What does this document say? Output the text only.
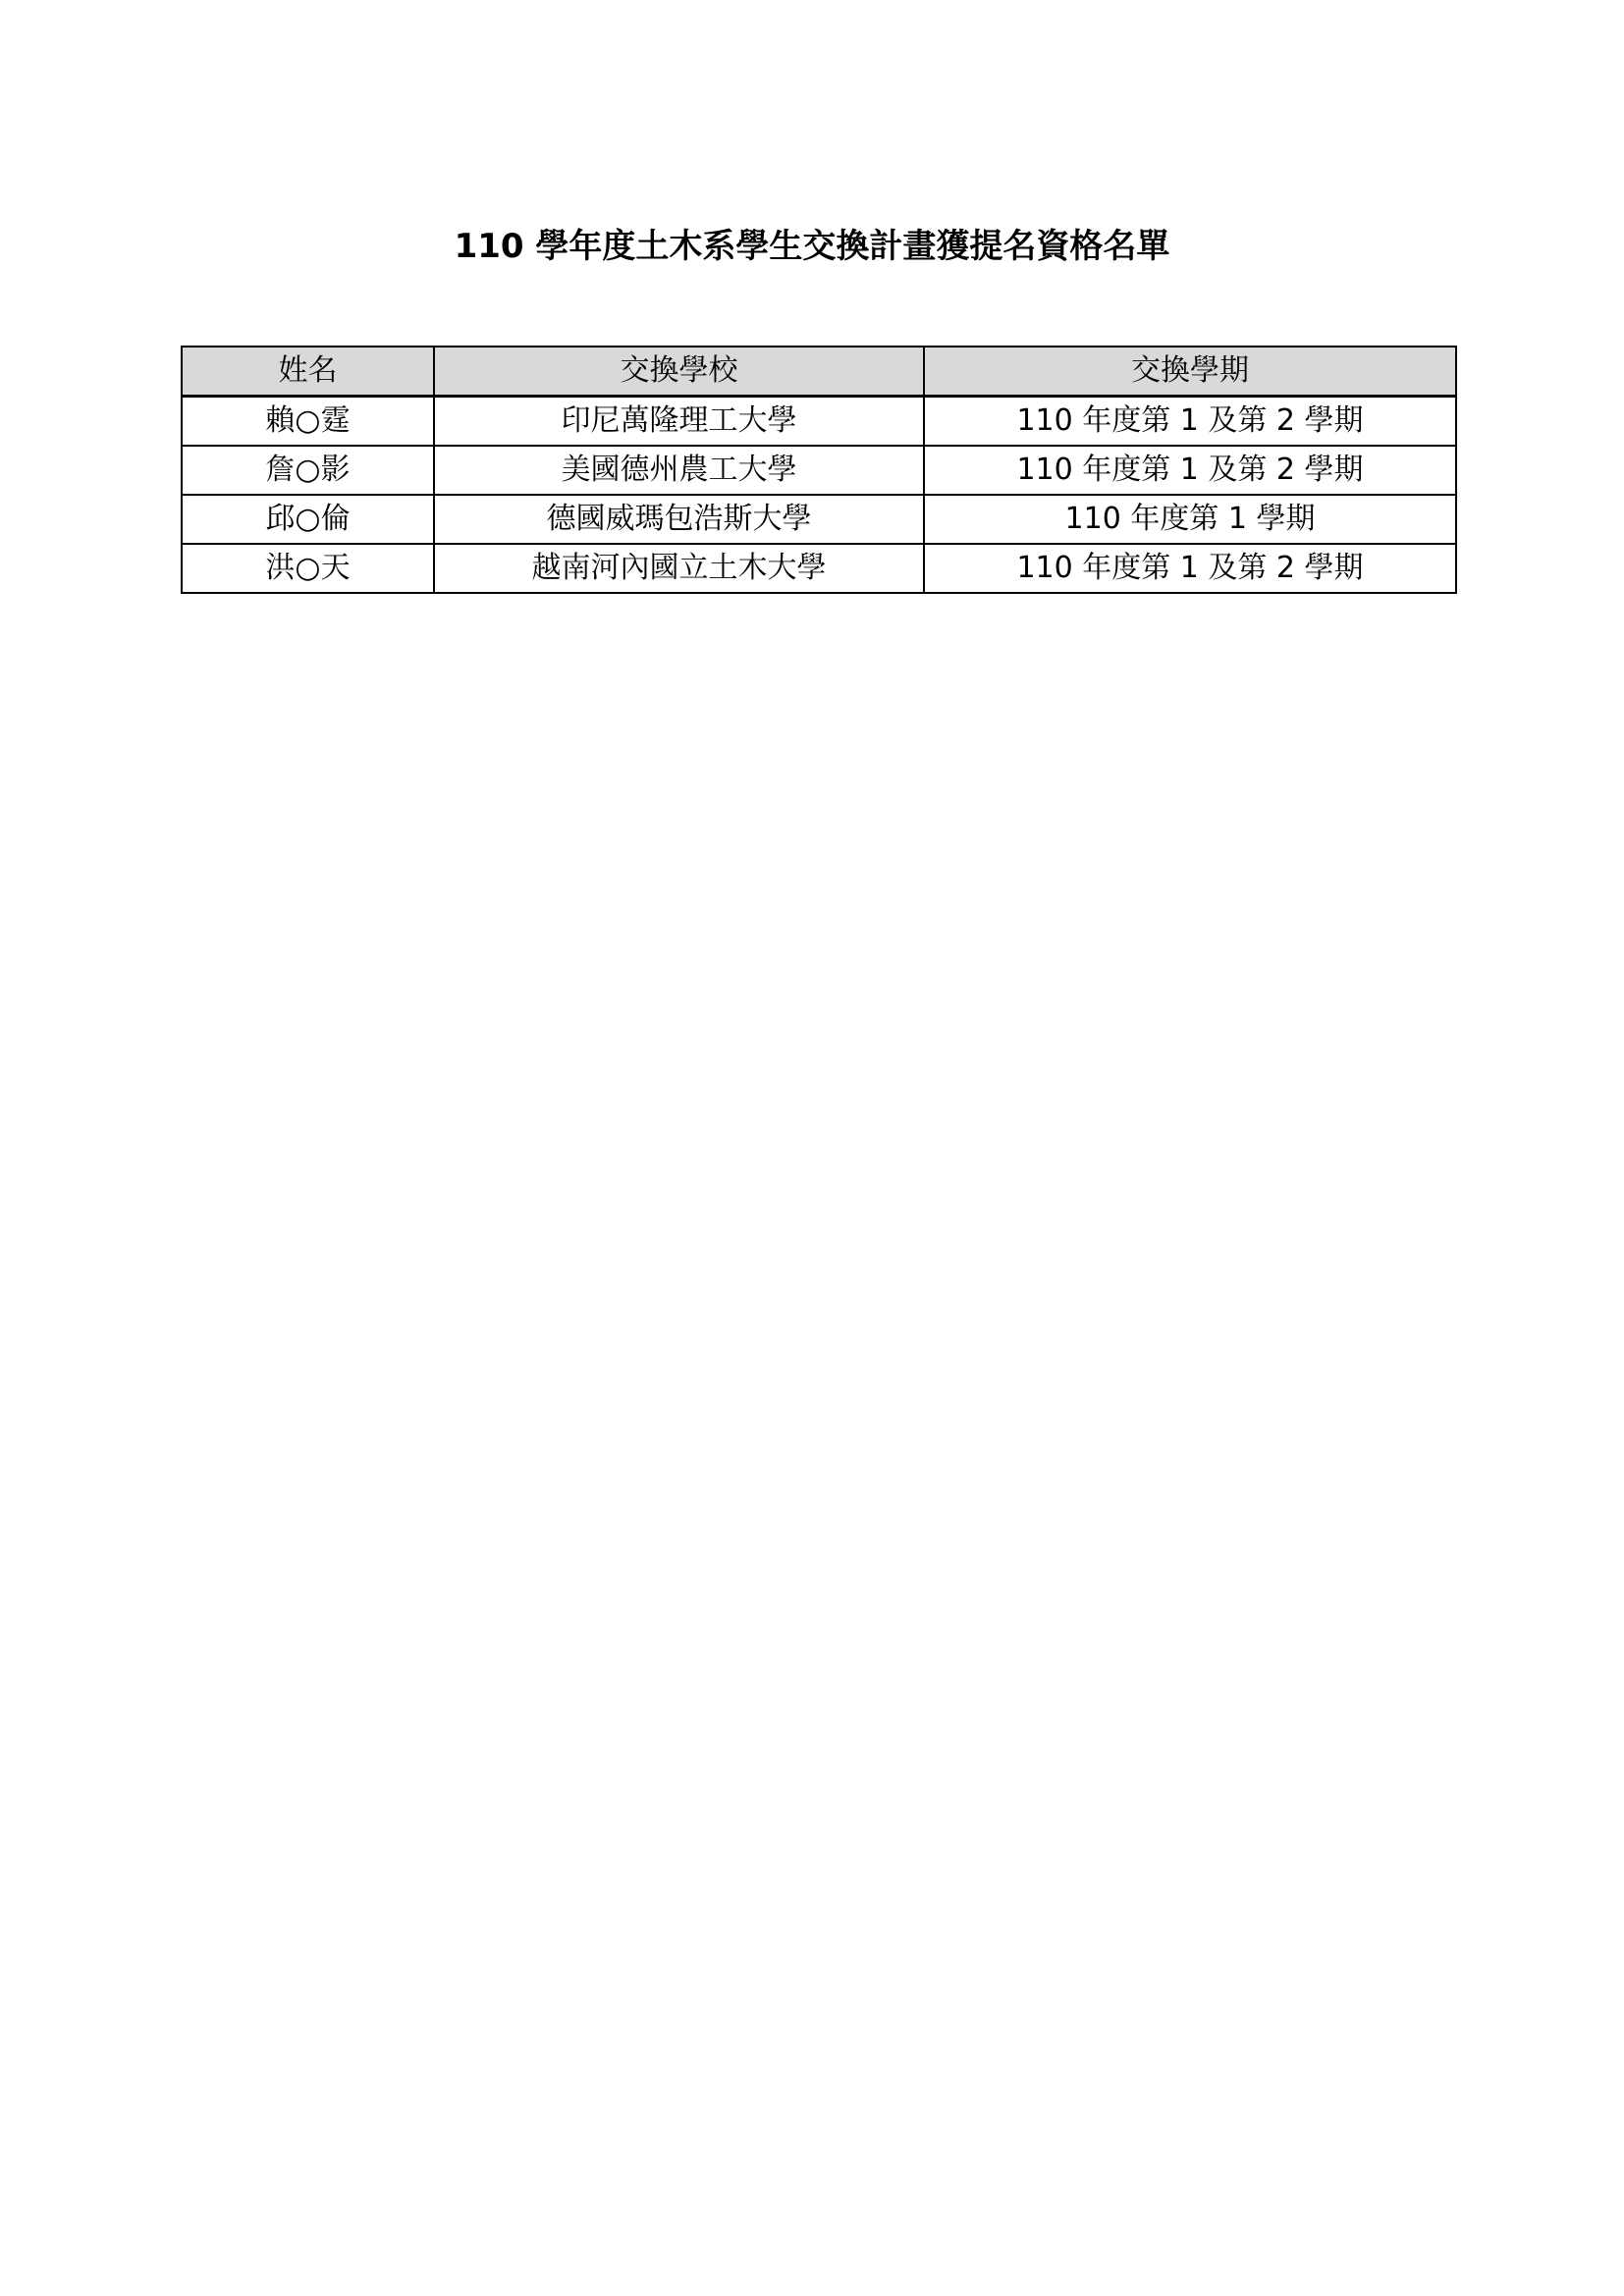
110 學年度土木系學生交換計畫獲提名資格名單
姓名	交換學校	交換學期
賴○霆	印尼萬隆理工大學	110 年度第 1 及第 2 學期
詹○影	美國德州農工大學	110 年度第 1 及第 2 學期
邱○倫	德國威瑪包浩斯大學	110 年度第 1 學期
洪○天	越南河內國立土木大學	110 年度第 1 及第 2 學期
